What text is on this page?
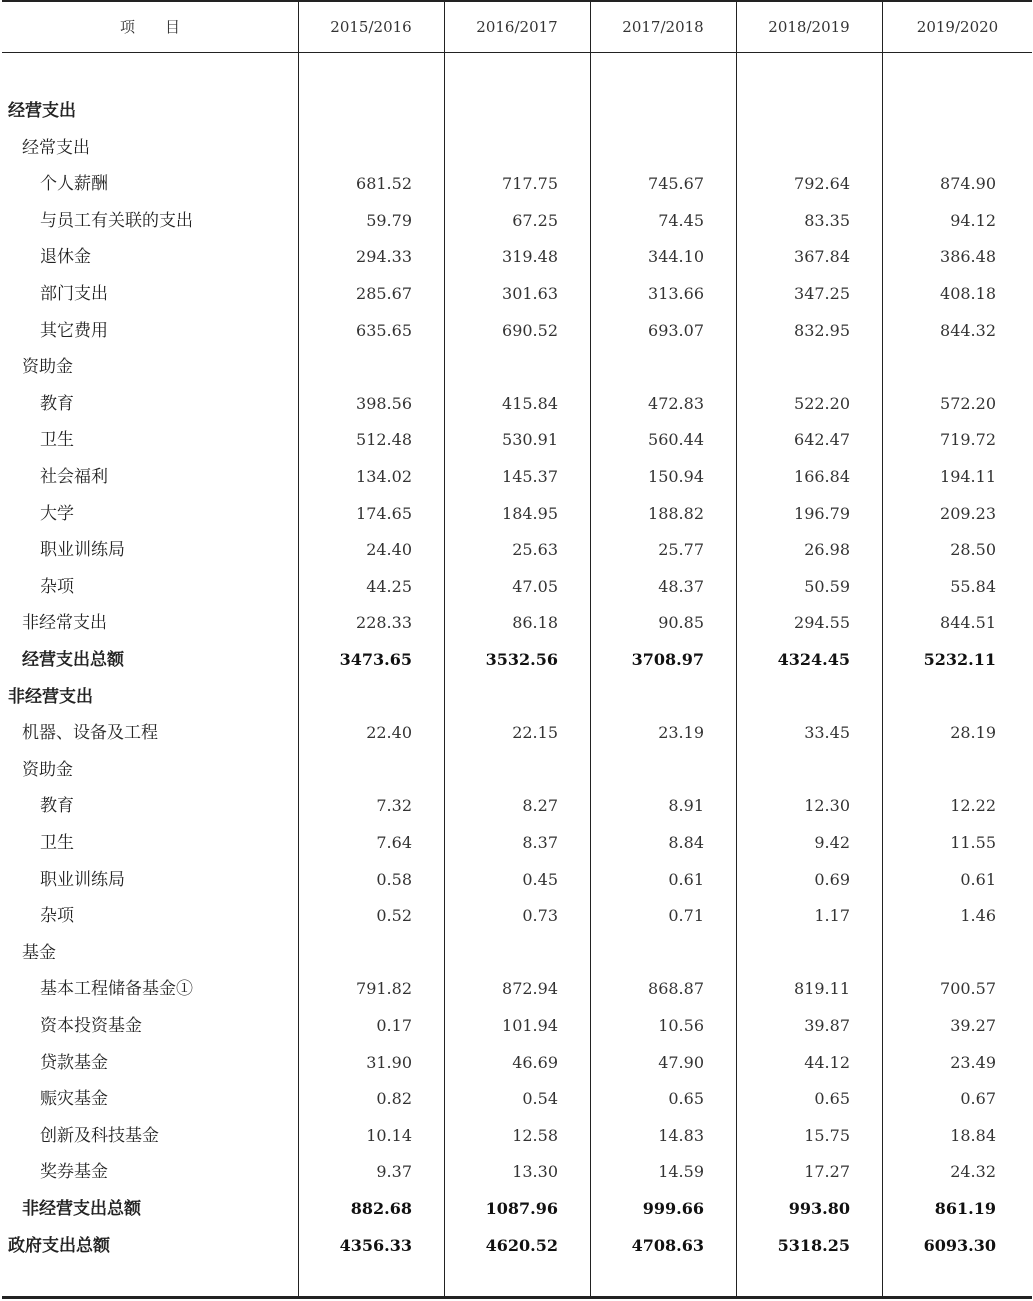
项　　目	2015/2016	2016/2017	2017/2018	2018/2019	2019/2020
经营支出
经常支出
个人薪酬	681.52	717.75	745.67	792.64	874.90
与员工有关联的支出	59.79	67.25	74.45	83.35	94.12
退休金	294.33	319.48	344.10	367.84	386.48
部门支出	285.67	301.63	313.66	347.25	408.18
其它费用	635.65	690.52	693.07	832.95	844.32
资助金
教育	398.56	415.84	472.83	522.20	572.20
卫生	512.48	530.91	560.44	642.47	719.72
社会福利	134.02	145.37	150.94	166.84	194.11
大学	174.65	184.95	188.82	196.79	209.23
职业训练局	24.40	25.63	25.77	26.98	28.50
杂项	44.25	47.05	48.37	50.59	55.84
非经常支出	228.33	86.18	90.85	294.55	844.51
经营支出总额	3473.65	3532.56	3708.97	4324.45	5232.11
非经营支出
机器、设备及工程	22.40	22.15	23.19	33.45	28.19
资助金
教育	7.32	8.27	8.91	12.30	12.22
卫生	7.64	8.37	8.84	9.42	11.55
职业训练局	0.58	0.45	0.61	0.69	0.61
杂项	0.52	0.73	0.71	1.17	1.46
基金
基本工程储备基金①	791.82	872.94	868.87	819.11	700.57
资本投资基金	0.17	101.94	10.56	39.87	39.27
贷款基金	31.90	46.69	47.90	44.12	23.49
赈灾基金	0.82	0.54	0.65	0.65	0.67
创新及科技基金	10.14	12.58	14.83	15.75	18.84
奖券基金	9.37	13.30	14.59	17.27	24.32
非经营支出总额	882.68	1087.96	999.66	993.80	861.19
政府支出总额	4356.33	4620.52	4708.63	5318.25	6093.30
